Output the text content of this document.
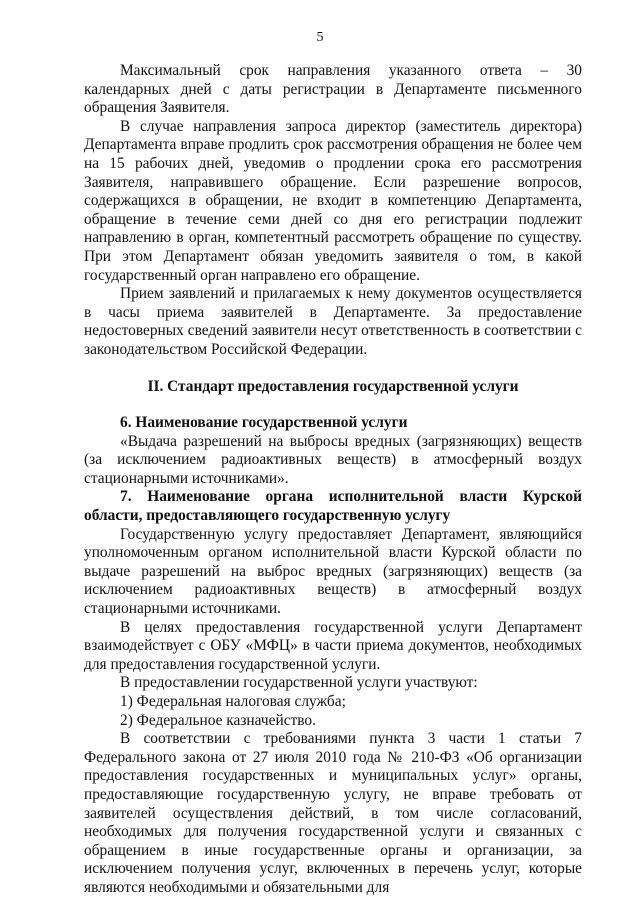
5

Максимальный срок направления указанного ответа – 30 календарных дней с даты регистрации в Департаменте письменного обращения Заявителя.

В случае направления запроса директор (заместитель директора) Департамента вправе продлить срок рассмотрения обращения не более чем на 15 рабочих дней, уведомив о продлении срока его рассмотрения Заявителя, направившего обращение. Если разрешение вопросов, содержащихся в обращении, не входит в компетенцию Департамента, обращение в течение семи дней со дня его регистрации подлежит направлению в орган, компетентный рассмотреть обращение по существу. При этом Департамент обязан уведомить заявителя о том, в какой государственный орган направлено его обращение.

Прием заявлений и прилагаемых к нему документов осуществляется в часы приема заявителей в Департаменте. За предоставление недостоверных сведений заявители несут ответственность в соответствии с законодательством Российской Федерации.

II. Стандарт предоставления государственной услуги

6. Наименование государственной услуги

«Выдача разрешений на выбросы вредных (загрязняющих) веществ (за исключением радиоактивных веществ) в атмосферный воздух стационарными источниками».

7. Наименование органа исполнительной власти Курской области, предоставляющего государственную услугу

Государственную услугу предоставляет Департамент, являющийся уполномоченным органом исполнительной власти Курской области по выдаче разрешений на выброс вредных (загрязняющих) веществ (за исключением радиоактивных веществ) в атмосферный воздух стационарными источниками.

В целях предоставления государственной услуги Департамент взаимодействует с ОБУ «МФЦ» в части приема документов, необходимых для предоставления государственной услуги.

В предоставлении государственной услуги участвуют:

1) Федеральная налоговая служба;

2) Федеральное казначейство.

В соответствии с требованиями пункта 3 части 1 статьи 7 Федерального закона от 27 июля 2010 года № 210-ФЗ «Об организации предоставления государственных и муниципальных услуг» органы, предоставляющие государственную услугу, не вправе требовать от заявителей осуществления действий, в том числе согласований, необходимых для получения государственной услуги и связанных с обращением в иные государственные органы и организации, за исключением получения услуг, включенных в перечень услуг, которые являются необходимыми и обязательными для
